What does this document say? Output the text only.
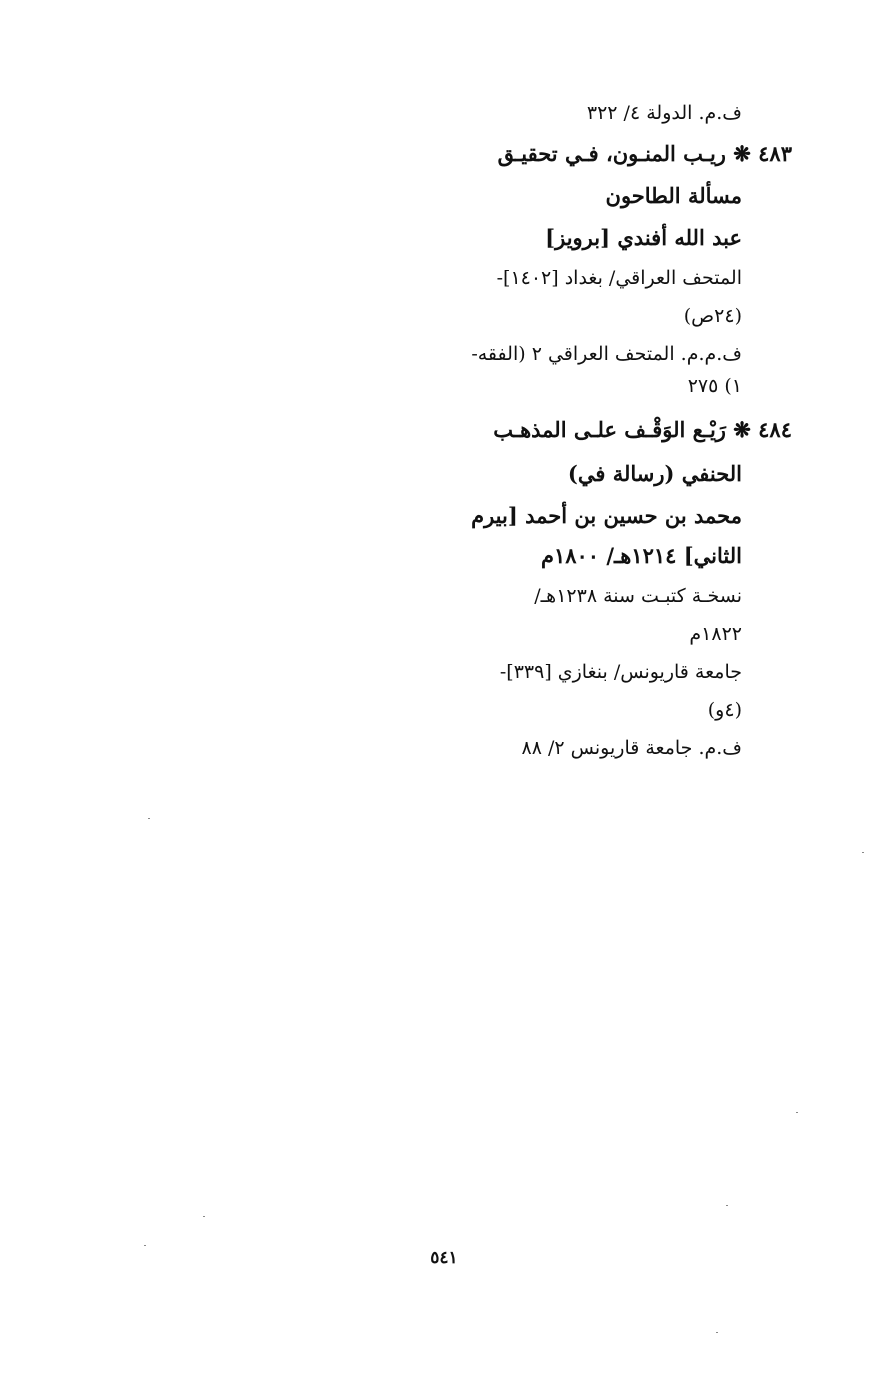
ف.م. الدولة ٤/ ٣٢٢
٤٨٣ ❋ ريـب المنـون، فـي تحقيـق
مسألة الطاحون
عبد الله أفندي [برويز]
المتحف العراقي/ بغداد [١٤٠٢]-
(٢٤ص)
ف.م.م. المتحف العراقي ٢ (الفقه-
١) ٢٧٥
٤٨٤ ❋ رَيْـع الوَقْـف علـى المذهـب
الحنفي (رسالة في)
محمد بن حسين بن أحمد [بيرم
الثاني] ١٢١٤هـ/ ١٨٠٠م
نسخـة كتبـت سنة ١٢٣٨هـ/
١٨٢٢م
جامعة قاريونس/ بنغازي [٣٣٩]-
(٤و)
ف.م. جامعة قاريونس ٢/ ٨٨
٥٤١
